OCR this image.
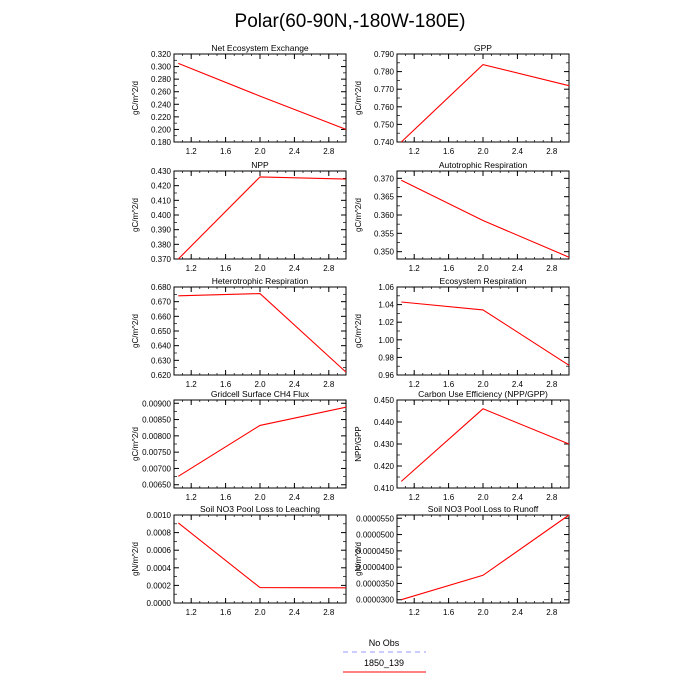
Polar(60-90N,-180W-180E)
Net Ecosystem Exchange
1.2	1.6	2.0	2.4	2.8
0.180
0.200
0.220
0.240
0.260
0.280
0.300
0.320
gC/m^2/d
GPP
1.2	1.6	2.0	2.4	2.8
0.740
0.750
0.760
0.770
0.780
0.790
gC/m^2/d
NPP
1.2	1.6	2.0	2.4	2.8
0.370
0.380
0.390
0.400
0.410
0.420
0.430
gC/m^2/d
Autotrophic Respiration
1.2	1.6	2.0	2.4	2.8
0.350
0.355
0.360
0.365
0.370
gC/m^2/d
Heterotrophic Respiration
1.2	1.6	2.0	2.4	2.8
0.620
0.630
0.640
0.650
0.660
0.670
0.680
gC/m^2/d
Ecosystem Respiration
1.2	1.6	2.0	2.4	2.8
0.96
0.98
1.00
1.02
1.04
1.06
gC/m^2/d
Gridcell Surface CH4 Flux
1.2	1.6	2.0	2.4	2.8
0.00650
0.00700
0.00750
0.00800
0.00850
0.00900
gC/m^2/d
Carbon Use Efficiency (NPP/GPP)
1.2	1.6	2.0	2.4	2.8
0.410
0.420
0.430
0.440
0.450
NPP/GPP
Soil NO3 Pool Loss to Leaching
1.2	1.6	2.0	2.4	2.8
0.0000
0.0002
0.0004
0.0006
0.0008
0.0010
gN/m^2/d
Soil NO3 Pool Loss to Runoff
1.2	1.6	2.0	2.4	2.8
0.0000300
0.0000350
0.0000400
0.0000450
0.0000500
0.0000550
gN/m^2/d
No Obs
1850_139
